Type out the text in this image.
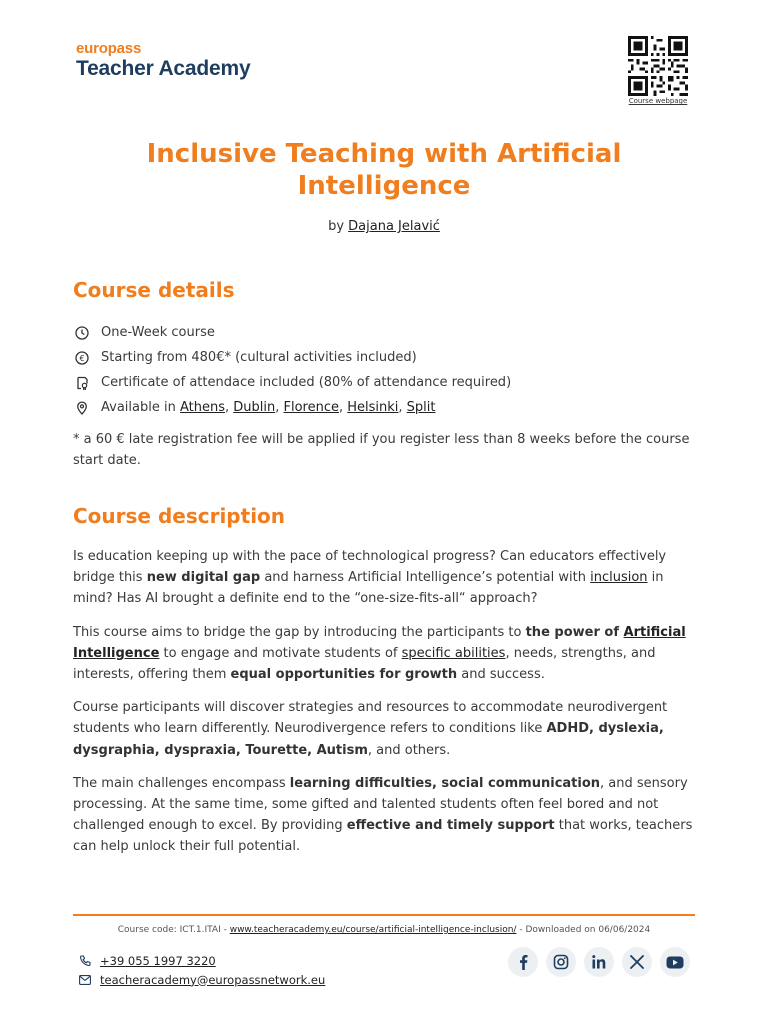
europass
Teacher Academy
Course webpage
Inclusive Teaching with Artificial Intelligence
by Dajana Jelavić
Course details
One-Week course
€ Starting from 480€* (cultural activities included)
Certificate of attendace included (80% of attendance required)
Available in Athens, Dublin, Florence, Helsinki, Split
* a 60 € late registration fee will be applied if you register less than 8 weeks before the course start date.
Course description

Is education keeping up with the pace of technological progress? Can educators effectively bridge this new digital gap and harness Artificial Intelligence’s potential with inclusion in mind? Has AI brought a definite end to the “one-size-fits-all“ approach?

This course aims to bridge the gap by introducing the participants to the power of Artificial Intelligence to engage and motivate students of specific abilities, needs, strengths, and interests, offering them equal opportunities for growth and success.

Course participants will discover strategies and resources to accommodate neurodivergent students who learn differently. Neurodivergence refers to conditions like ADHD, dyslexia, dysgraphia, dyspraxia, Tourette, Autism, and others.

The main challenges encompass learning difficulties, social communication, and sensory processing. At the same time, some gifted and talented students often feel bored and not challenged enough to excel. By providing effective and timely support that works, teachers can help unlock their full potential.

Course code: ICT.1.ITAI - www.teacheracademy.eu/course/artificial-intelligence-inclusion/ - Downloaded on 06/06/2024
+39 055 1997 3220
teacheracademy@europassnetwork.eu
